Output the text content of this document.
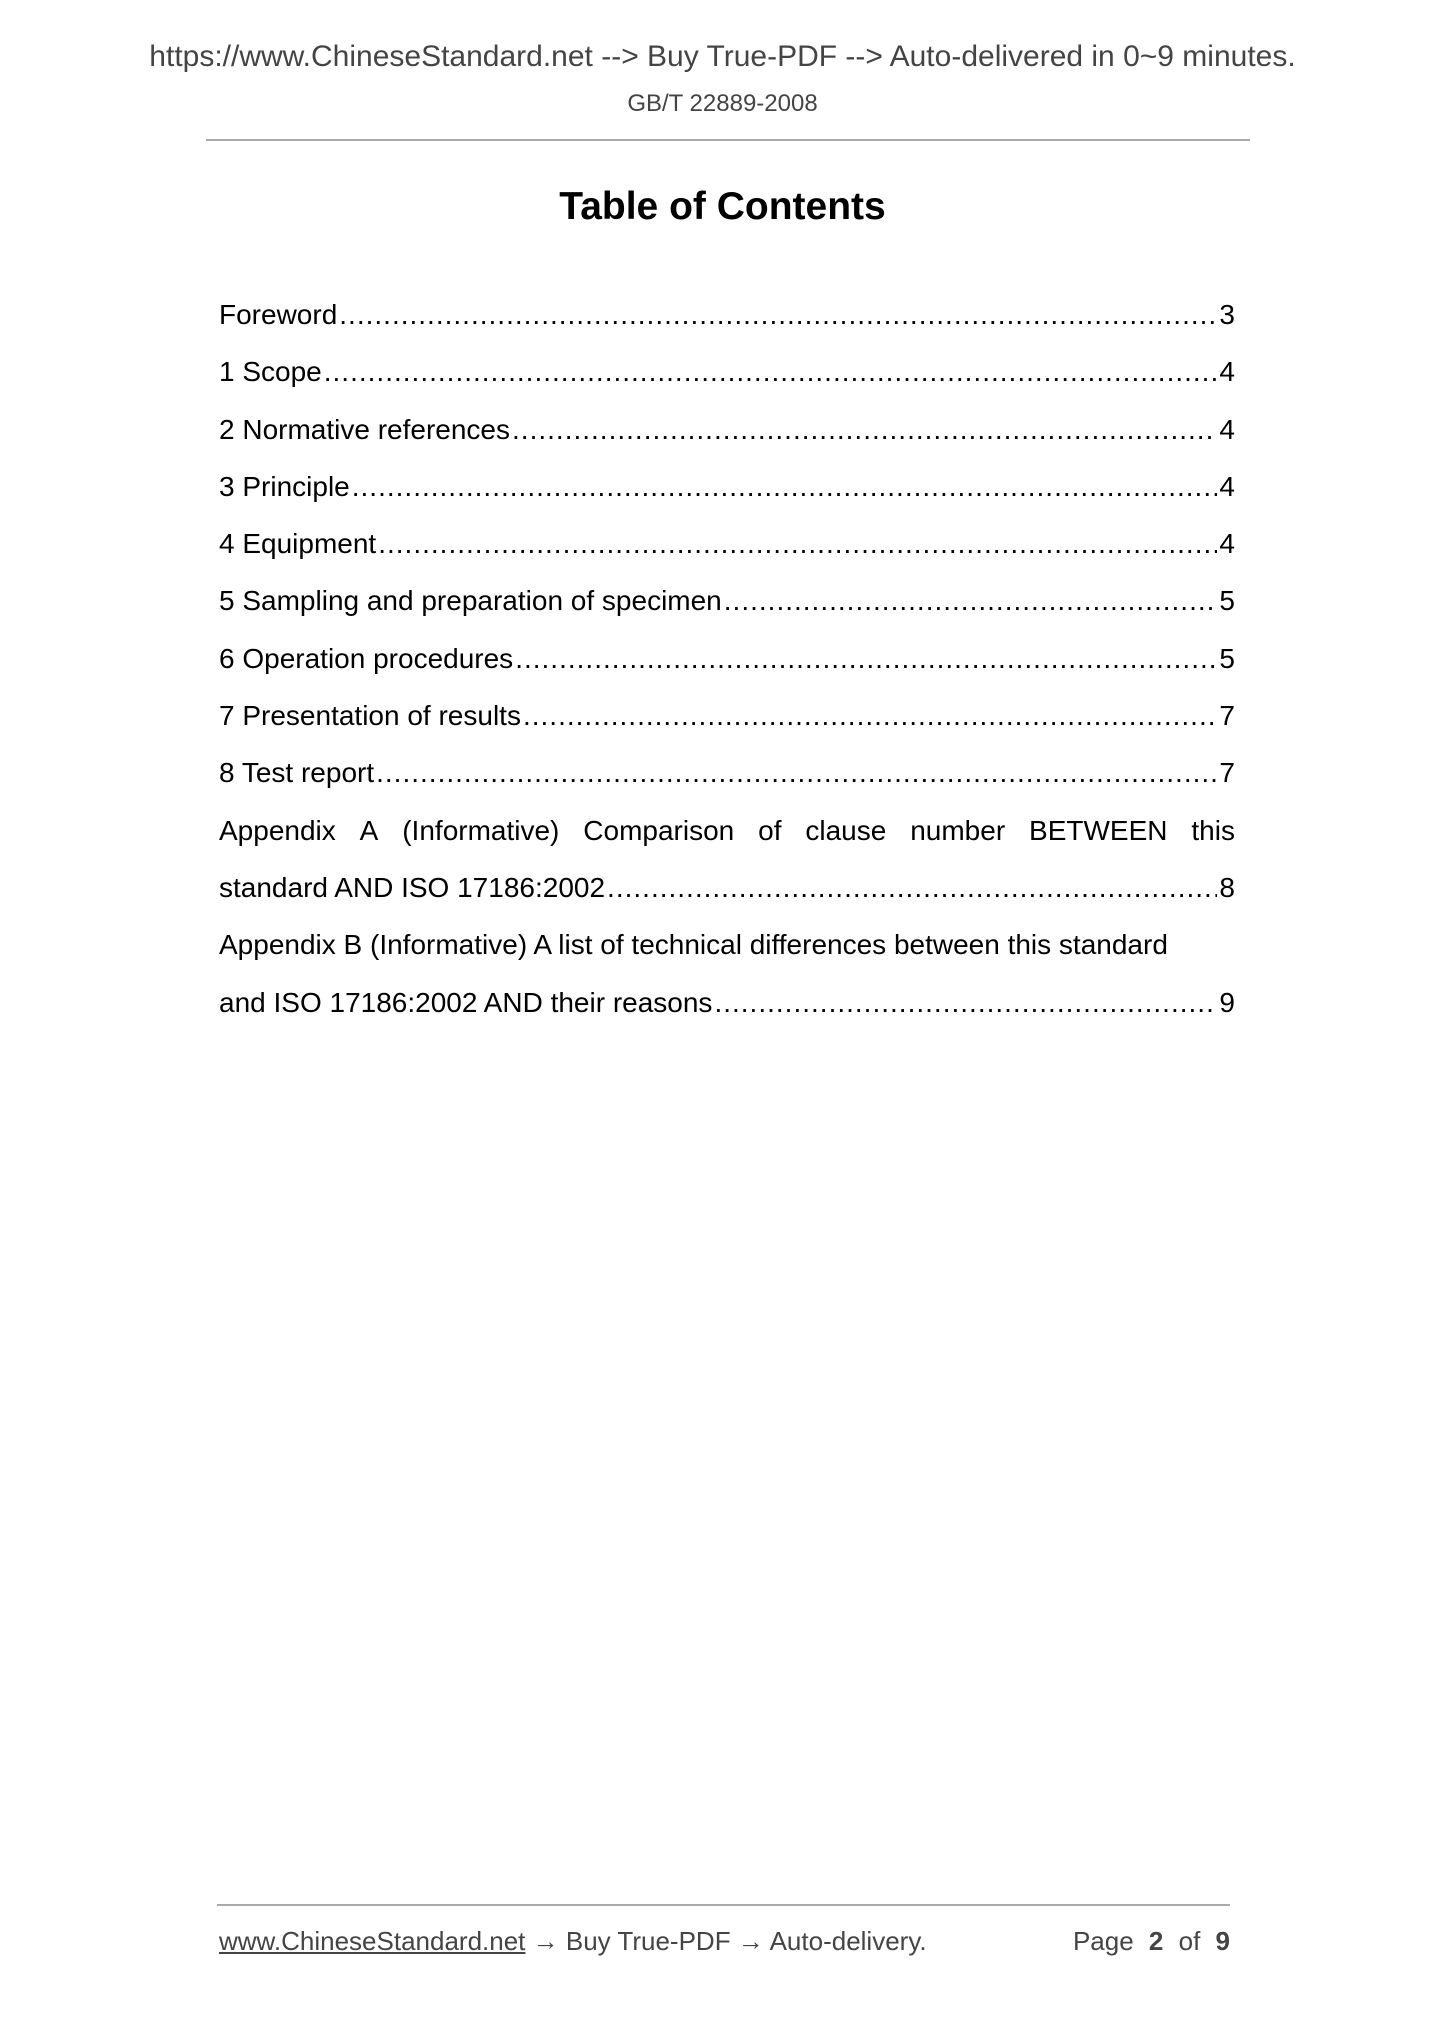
https://www.ChineseStandard.net --> Buy True-PDF --> Auto-delivered in 0~9 minutes.
GB/T 22889-2008
Table of Contents
Foreword .....	3
1 Scope .....	4
2 Normative references .....	4
3 Principle .....	4
4 Equipment .....	4
5 Sampling and preparation of specimen .....	5
6 Operation procedures .....	5
7 Presentation of results .....	7
8 Test report .....	7
Appendix A (Informative) Comparison of clause number BETWEEN this
standard AND ISO 17186:2002 .....	8
Appendix B (Informative) A list of technical differences between this standard
and ISO 17186:2002 AND their reasons .....	9
www.ChineseStandard.net → Buy True-PDF → Auto-delivery.	Page 2 of 9
